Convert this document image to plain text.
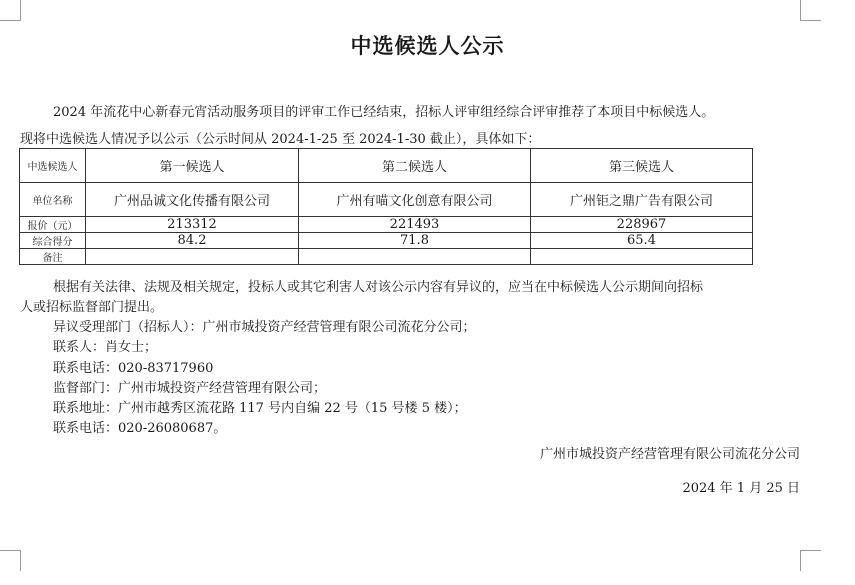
中选候选人公示
2024 年流花中心新春元宵活动服务项目的评审工作已经结束，招标人评审组经综合评审推荐了本项目中标候选人。
现将中选候选人情况予以公示（公示时间从 2024-1-25 至 2024-1-30 截止），具体如下：
中选候选人	第一候选人	第二候选人	第三候选人
单位名称	广州品诚文化传播有限公司	广州有喵文化创意有限公司	广州钜之鼎广告有限公司
报价（元）	213312	221493	228967
综合得分	84.2	71.8	65.4
备注			
根据有关法律、法规及相关规定，投标人或其它利害人对该公示内容有异议的，应当在中标候选人公示期间向招标
人或招标监督部门提出。
异议受理部门（招标人）：广州市城投资产经营管理有限公司流花分公司；
联系人：肖女士；
联系电话：020-83717960
监督部门：广州市城投资产经营管理有限公司；
联系地址：广州市越秀区流花路 117 号内自编 22 号（15 号楼 5 楼）；
联系电话：020-26080687。
广州市城投资产经营管理有限公司流花分公司
2024 年 1 月 25 日
